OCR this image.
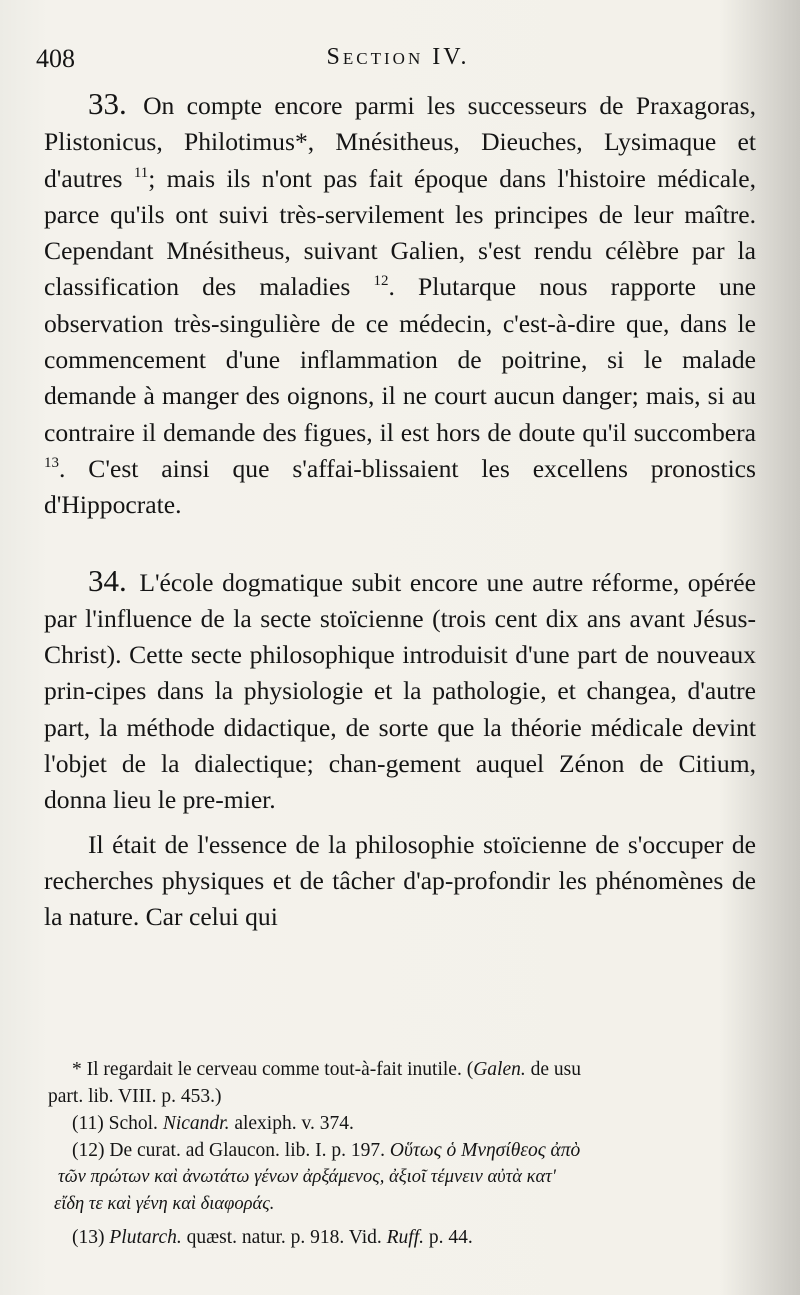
408	Section IV.

33. On compte encore parmi les successeurs de Praxagoras, Plistonicus, Philotimus*, Mnésitheus, Dieuches, Lysimaque et d'autres $^{11}$; mais ils n'ont pas fait époque dans l'histoire médicale, parce qu'ils ont suivi très-servilement les principes de leur maître. Cependant Mnésitheus, suivant Galien, s'est rendu célèbre par la classification des maladies $^{12}$. Plutarque nous rapporte une observation très-singulière de ce médecin, c'est-à-dire que, dans le commencement d'une inflammation de poitrine, si le malade demande à manger des oignons, il ne court aucun danger; mais, si au contraire il demande des figues, il est hors de doute qu'il succombera $^{13}$. C'est ainsi que s'affai-blissaient les excellens pronostics d'Hippocrate.

34. L'école dogmatique subit encore une autre réforme, opérée par l'influence de la secte stoïcienne (trois cent dix ans avant Jésus-Christ). Cette secte philosophique introduisit d'une part de nouveaux prin-cipes dans la physiologie et la pathologie, et changea, d'autre part, la méthode didactique, de sorte que la théorie médicale devint l'objet de la dialectique; chan-gement auquel Zénon de Citium, donna lieu le pre-mier.

Il était de l'essence de la philosophie stoïcienne de s'occuper de recherches physiques et de tâcher d'ap-profondir les phénomènes de la nature. Car celui qui

* Il regardait le cerveau comme tout-à-fait inutile. (Galen. de usu
part. lib. VIII. p. 453.)
(11) Schol. Nicandr. alexiph. v. 374.
(12) De curat. ad Glaucon. lib. I. p. 197. Οὕτως ὁ Μνησίθεος ἀπὸ
τῶν πρώτων καὶ ἀνωτάτω γένων ἀρξάμενος, ἀξιοῖ τέμνειν αὐτὰ κατ'
εἴδη τε καὶ γένη καὶ διαφοράς.
(13) Plutarch. quæst. natur. p. 918. Vid. Ruff. p. 44.
